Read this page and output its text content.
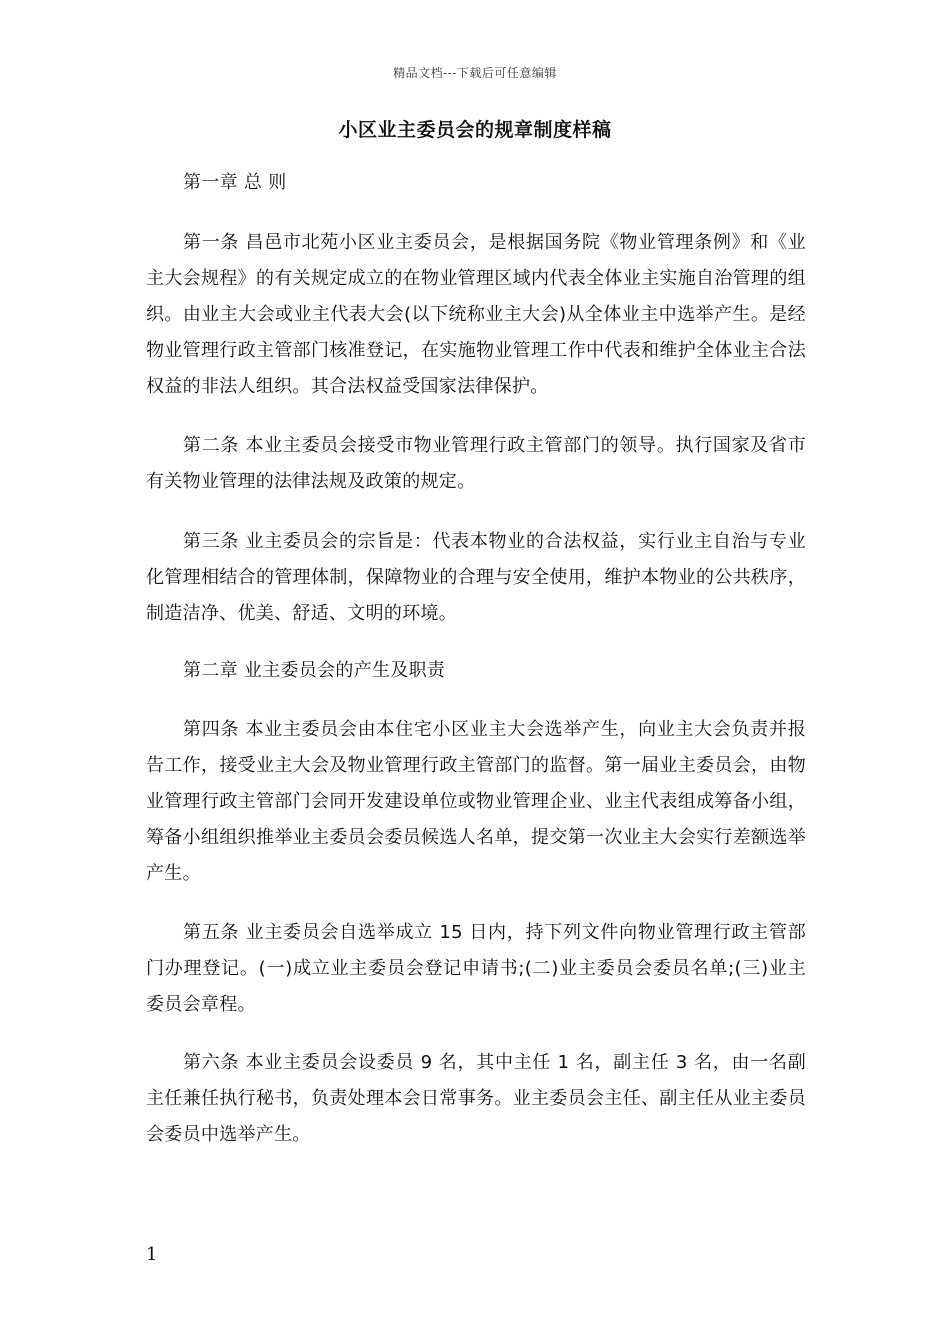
精品文档---下载后可任意编辑
小区业主委员会的规章制度样稿
第一章 总 则
第一条 昌邑市北苑小区业主委员会，是根据国务院《物业管理条例》和《业主大会规程》的有关规定成立的在物业管理区域内代表全体业主实施自治管理的组织。由业主大会或业主代表大会(以下统称业主大会)从全体业主中选举产生。是经物业管理行政主管部门核准登记，在实施物业管理工作中代表和维护全体业主合法权益的非法人组织。其合法权益受国家法律保护。
第二条 本业主委员会接受市物业管理行政主管部门的领导。执行国家及省市有关物业管理的法律法规及政策的规定。
第三条 业主委员会的宗旨是：代表本物业的合法权益，实行业主自治与专业化管理相结合的管理体制，保障物业的合理与安全使用，维护本物业的公共秩序，制造洁净、优美、舒适、文明的环境。
第二章 业主委员会的产生及职责
第四条 本业主委员会由本住宅小区业主大会选举产生，向业主大会负责并报告工作，接受业主大会及物业管理行政主管部门的监督。第一届业主委员会，由物业管理行政主管部门会同开发建设单位或物业管理企业、业主代表组成筹备小组，筹备小组组织推举业主委员会委员候选人名单，提交第一次业主大会实行差额选举产生。
第五条 业主委员会自选举成立 15 日内，持下列文件向物业管理行政主管部门办理登记。(一)成立业主委员会登记申请书;(二)业主委员会委员名单;(三)业主委员会章程。
第六条 本业主委员会设委员 9 名，其中主任 1 名，副主任 3 名，由一名副主任兼任执行秘书，负责处理本会日常事务。业主委员会主任、副主任从业主委员会委员中选举产生。
1
